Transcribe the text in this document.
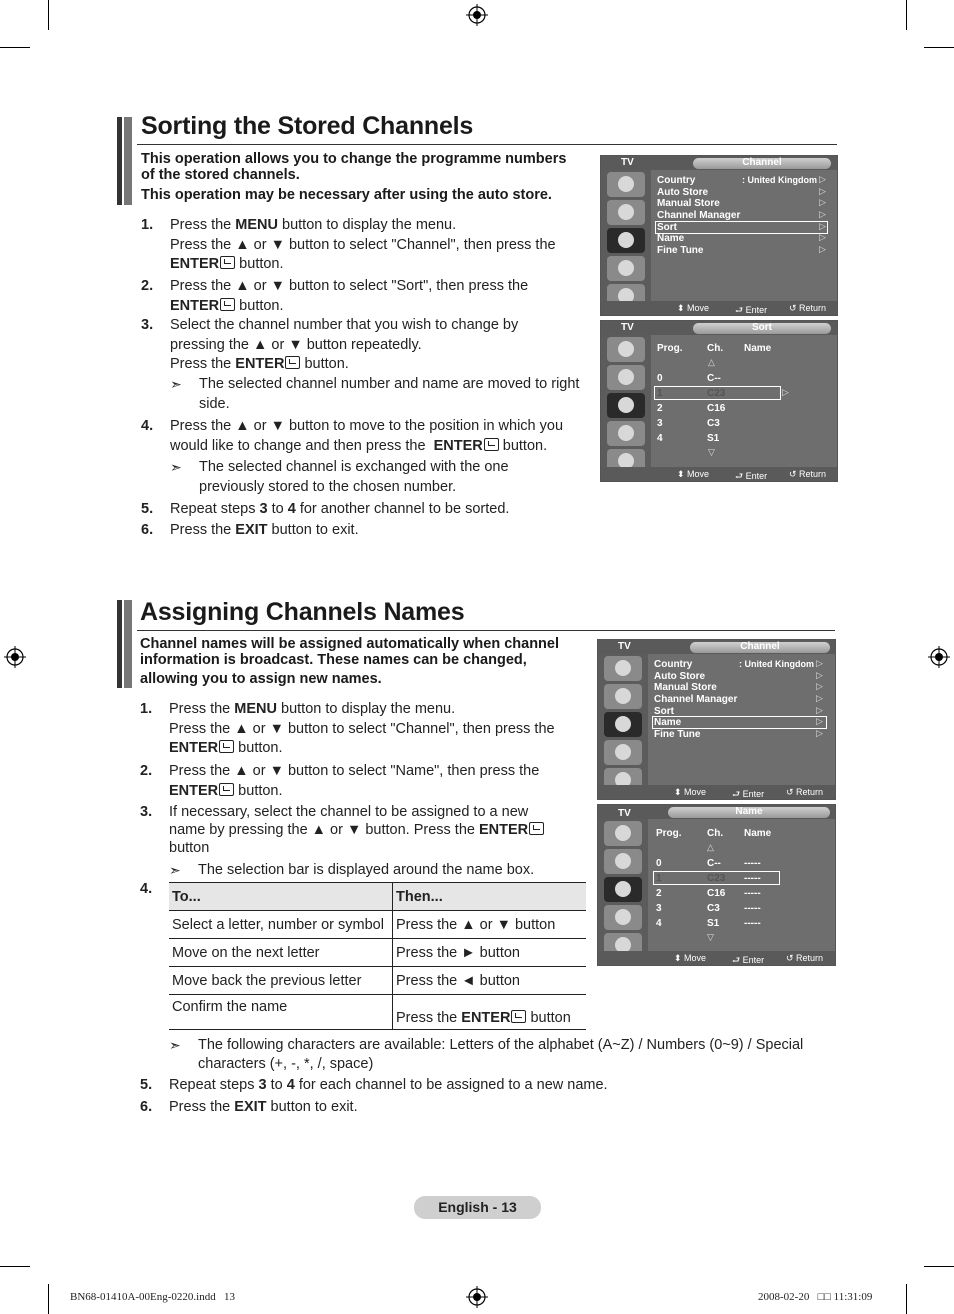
Sorting the Stored Channels
This operation allows you to change the programme numbers
of the stored channels.
This operation may be necessary after using the auto store.
1. Press the MENU button to display the menu.
Press the ▲ or ▼ button to select "Channel", then press the
ENTER button.
2. Press the ▲ or ▼ button to select "Sort", then press the
ENTER button.
3. Select the channel number that you wish to change by
pressing the ▲ or ▼ button repeatedly.
Press the ENTER button.
➣ The selected channel number and name are moved to right
side.
4. Press the ▲ or ▼ button to move to the position in which you
would like to change and then press the  ENTER button.
➣ The selected channel is exchanged with the one
previously stored to the chosen number.
5. Repeat steps 3 to 4 for another channel to be sorted.
6. Press the EXIT button to exit.
TV	Channel
Country	: United Kingdom
Auto Store
Manual Store
Channel Manager
Sort
Name
Fine Tune
▷
▷
▷
▷
▷
▷
▷
⬍ Move	⮐ Enter ↺ Return
TV	Sort
Prog. Ch. Name
△
0	C--
1	C23	▷
2	C16
3	C3
4	S1
▽
⬍ Move	⮐ Enter ↺ Return
Assigning Channels Names
Channel names will be assigned automatically when channel
information is broadcast. These names can be changed,
allowing you to assign new names.
1. Press the MENU button to display the menu.
Press the ▲ or ▼ button to select "Channel", then press the
ENTER button.
2. Press the ▲ or ▼ button to select "Name", then press the
ENTER button.
3. If necessary, select the channel to be assigned to a new
name by pressing the ▲ or ▼ button. Press the ENTER
button
➣ The selection bar is displayed around the name box.
4. To...	Then...
Select a letter, number or symbol	Press the ▲ or ▼ button
Move on the next letter	Press the ► button
Move back the previous letter	Press the ◄ button
Confirm the name	Press the ENTER button
➣ The following characters are available: Letters of the alphabet (A~Z) / Numbers (0~9) / Special
characters (+, -, *, /, space)
5. Repeat steps 3 to 4 for each channel to be assigned to a new name.
6. Press the EXIT button to exit.
TV	Channel
Country	: United Kingdom
Auto Store
Manual Store
Channel Manager
Sort
Name
Fine Tune
▷
▷
▷
▷
▷
▷
▷
⬍ Move	⮐ Enter ↺ Return
TV	Name
Prog.	Ch. Name
△
0	C-- -----
1	C23 -----
2	C16 -----
3	C3 -----
4	S1 -----
▽
⬍ Move	⮐ Enter ↺ Return
English - 13
BN68-01410A-00Eng-0220.indd   13	2008-02-20   □□ 11:31:09
